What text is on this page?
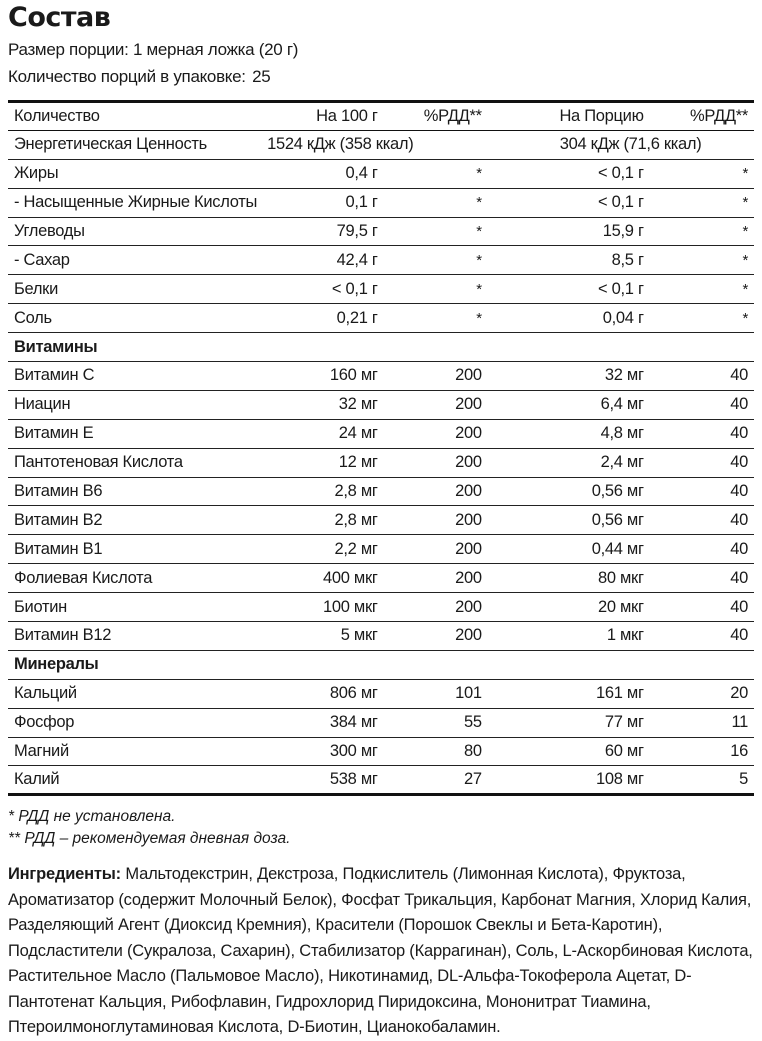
Состав
Размер порции: 1 мерная ложка (20 г)
Количество порций в упаковке: 25
Количество	На 100 г	%РДД**	На Порцию	%РДД**
Энергетическая Ценность	1524 кДж (358 ккал)		304 кДж (71,6 ккал)	
Жиры	0,4 г	*	< 0,1 г	*
- Насыщенные Жирные Кислоты	0,1 г	*	< 0,1 г	*
Углеводы	79,5 г	*	15,9 г	*
- Сахар	42,4 г	*	8,5 г	*
Белки	< 0,1 г	*	< 0,1 г	*
Соль	0,21 г	*	0,04 г	*
Витамины				
Витамин С	160 мг	200	32 мг	40
Ниацин	32 мг	200	6,4 мг	40
Витамин Е	24 мг	200	4,8 мг	40
Пантотеновая Кислота	12 мг	200	2,4 мг	40
Витамин В6	2,8 мг	200	0,56 мг	40
Витамин В2	2,8 мг	200	0,56 мг	40
Витамин В1	2,2 мг	200	0,44 мг	40
Фолиевая Кислота	400 мкг	200	80 мкг	40
Биотин	100 мкг	200	20 мкг	40
Витамин В12	5 мкг	200	1 мкг	40
Минералы				
Кальций	806 мг	101	161 мг	20
Фосфор	384 мг	55	77 мг	11
Магний	300 мг	80	60 мг	16
Калий	538 мг	27	108 мг	5
* РДД не установлена.
** РДД – рекомендуемая дневная доза.
Ингредиенты: Мальтодекстрин, Декстроза, Подкислитель (Лимонная Кислота), Фруктоза, Ароматизатор (содержит Молочный Белок), Фосфат Трикальция, Карбонат Магния, Хлорид Калия, Разделяющий Агент (Диоксид Кремния), Красители (Порошок Свеклы и Бета-Каротин), Подсластители (Сукралоза, Сахарин), Стабилизатор (Каррагинан), Соль, L-Аскорбиновая Кислота, Растительное Масло (Пальмовое Масло), Никотинамид, DL-Альфа-Токоферола Ацетат, D-Пантотенат Кальция, Рибофлавин, Гидрохлорид Пиридоксина, Мононитрат Тиамина, Птероилмоноглутаминовая Кислота, D-Биотин, Цианокобаламин.
